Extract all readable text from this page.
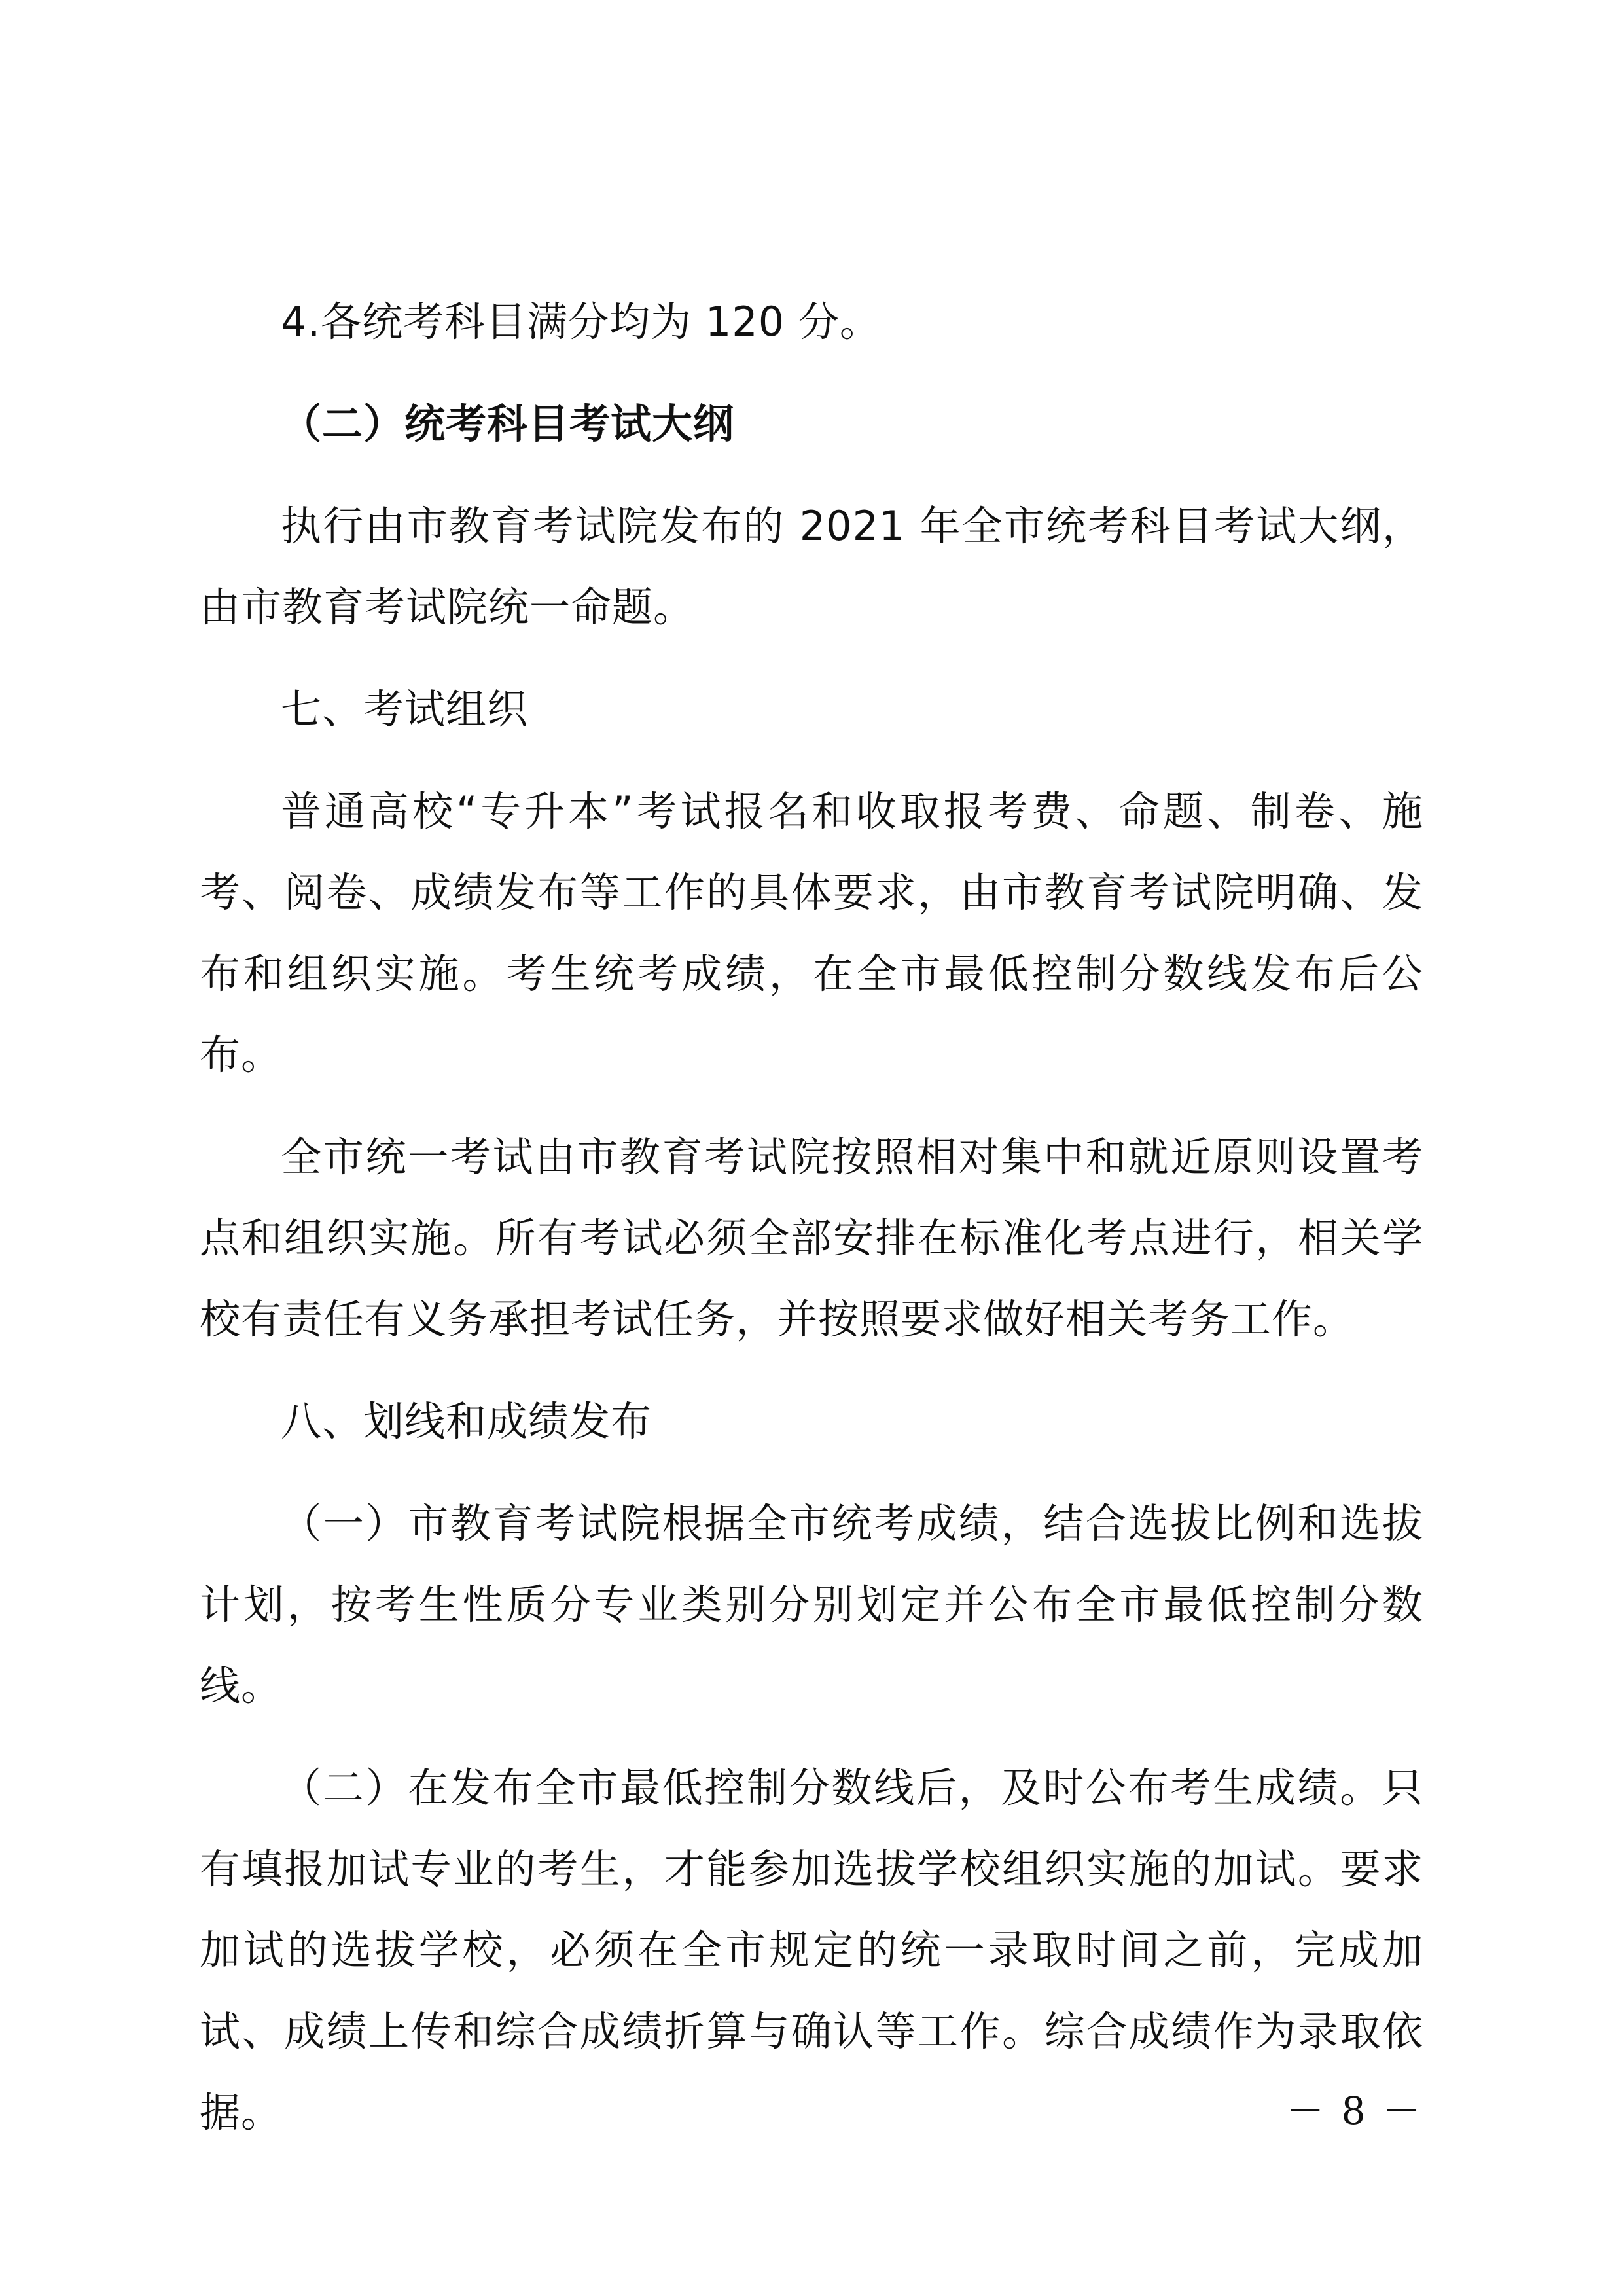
4.各统考科目满分均为 120 分。

（二）统考科目考试大纲

执行由市教育考试院发布的 2021 年全市统考科目考试大纲，由市教育考试院统一命题。

七、考试组织

普通高校“专升本”考试报名和收取报考费、命题、制卷、施考、阅卷、成绩发布等工作的具体要求，由市教育考试院明确、发布和组织实施。考生统考成绩，在全市最低控制分数线发布后公布。

全市统一考试由市教育考试院按照相对集中和就近原则设置考点和组织实施。所有考试必须全部安排在标准化考点进行，相关学校有责任有义务承担考试任务，并按照要求做好相关考务工作。

八、划线和成绩发布

（一）市教育考试院根据全市统考成绩，结合选拔比例和选拔计划，按考生性质分专业类别分别划定并公布全市最低控制分数线。

（二）在发布全市最低控制分数线后，及时公布考生成绩。只有填报加试专业的考生，才能参加选拔学校组织实施的加试。要求加试的选拔学校，必须在全市规定的统一录取时间之前，完成加试、成绩上传和综合成绩折算与确认等工作。综合成绩作为录取依据。	－ 8 －
